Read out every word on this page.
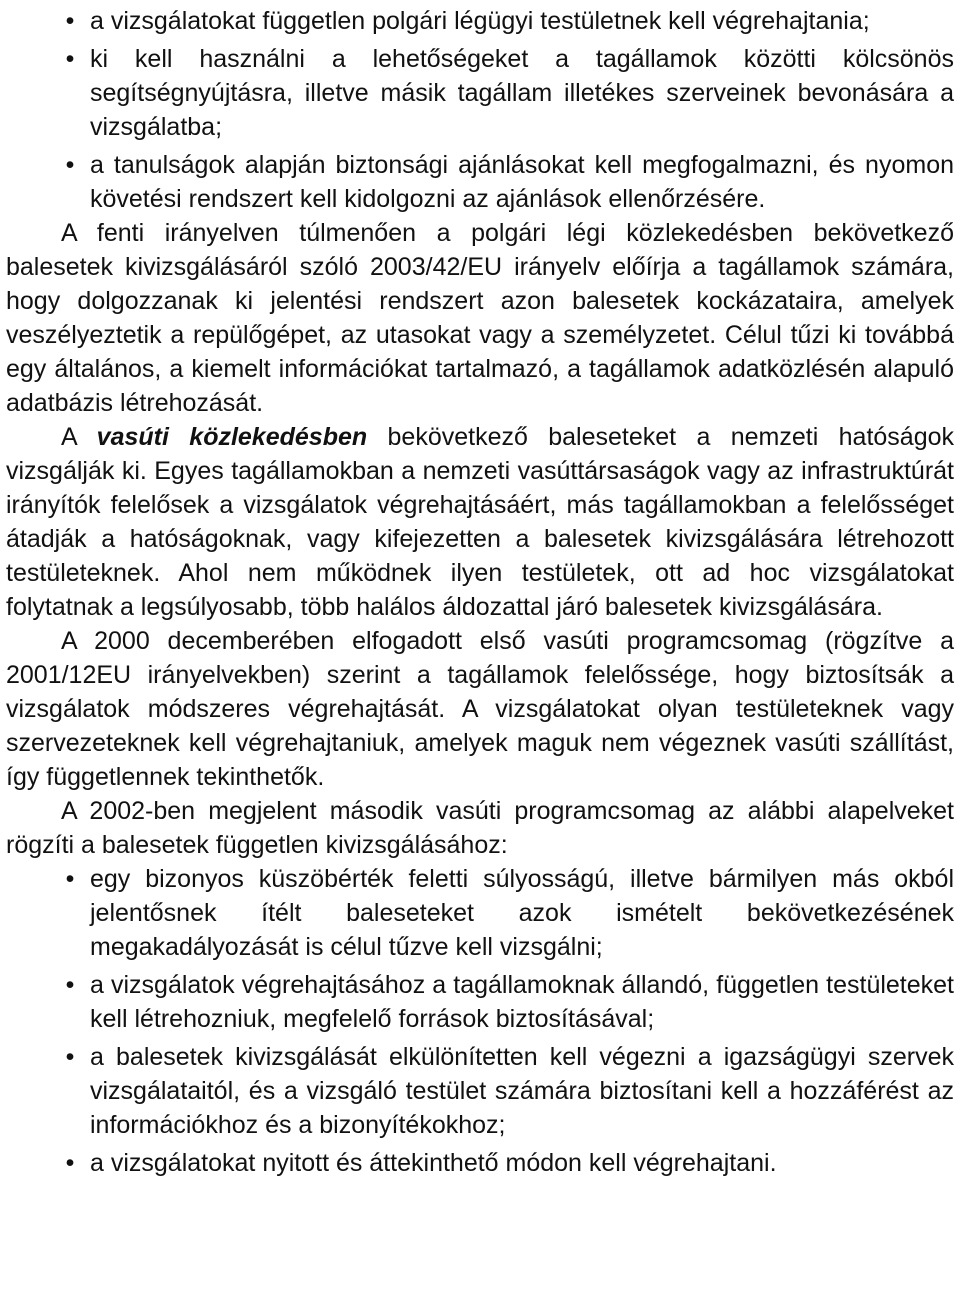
• a vizsgálatokat független polgári légügyi testületnek kell végrehajtania;
• ki kell használni a lehetőségeket a tagállamok közötti kölcsönös segítségnyújtásra, illetve másik tagállam illetékes szerveinek bevonására a vizsgálatba;
• a tanulságok alapján biztonsági ajánlásokat kell megfogalmazni, és nyomon követési rendszert kell kidolgozni az ajánlások ellenőrzésére.

A fenti irányelven túlmenően a polgári légi közlekedésben bekövetkező balesetek kivizsgálásáról szóló 2003/42/EU irányelv előírja a tagállamok számára, hogy dolgozzanak ki jelentési rendszert azon balesetek kockázataira, amelyek veszélyeztetik a repülőgépet, az utasokat vagy a személyzetet. Célul tűzi ki továbbá egy általános, a kiemelt információkat tartalmazó, a tagállamok adatközlésén alapuló adatbázis létrehozását.

A vasúti közlekedésben bekövetkező baleseteket a nemzeti hatóságok vizsgálják ki. Egyes tagállamokban a nemzeti vasúttársaságok vagy az infrastruktúrát irányítók felelősek a vizsgálatok végrehajtásáért, más tagállamokban a felelősséget átadják a hatóságoknak, vagy kifejezetten a balesetek kivizsgálására létrehozott testületeknek. Ahol nem működnek ilyen testületek, ott ad hoc vizsgálatokat folytatnak a legsúlyosabb, több halálos áldozattal járó balesetek kivizsgálására.

A 2000 decemberében elfogadott első vasúti programcsomag (rögzítve a 2001/12EU irányelvekben) szerint a tagállamok felelőssége, hogy biztosítsák a vizsgálatok módszeres végrehajtását. A vizsgálatokat olyan testületeknek vagy szervezeteknek kell végrehajtaniuk, amelyek maguk nem végeznek vasúti szállítást, így függetlennek tekinthetők.

A 2002-ben megjelent második vasúti programcsomag az alábbi alapelveket rögzíti a balesetek független kivizsgálásához:

• egy bizonyos küszöbérték feletti súlyosságú, illetve bármilyen más okból jelentősnek ítélt baleseteket azok ismételt bekövetkezésének megakadályozását is célul tűzve kell vizsgálni;
• a vizsgálatok végrehajtásához a tagállamoknak állandó, független testületeket kell létrehozniuk, megfelelő források biztosításával;
• a balesetek kivizsgálását elkülönítetten kell végezni a igazságügyi szervek vizsgálataitól, és a vizsgáló testület számára biztosítani kell a hozzáférést az információkhoz és a bizonyítékokhoz;
• a vizsgálatokat nyitott és áttekinthető módon kell végrehajtani.
